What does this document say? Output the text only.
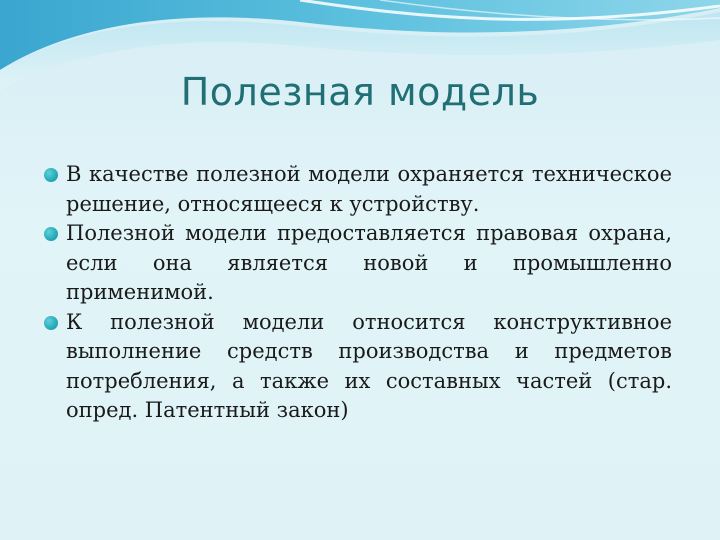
Полезная модель
В качестве полезной модели охраняется техническое решение, относящееся к устройству.
Полезной модели предоставляется правовая охрана, если она является новой и промышленно применимой.
К полезной модели относится конструктивное выполнение средств производства и предметов потребления, а также их составных частей (стар. опред. Патентный закон)
